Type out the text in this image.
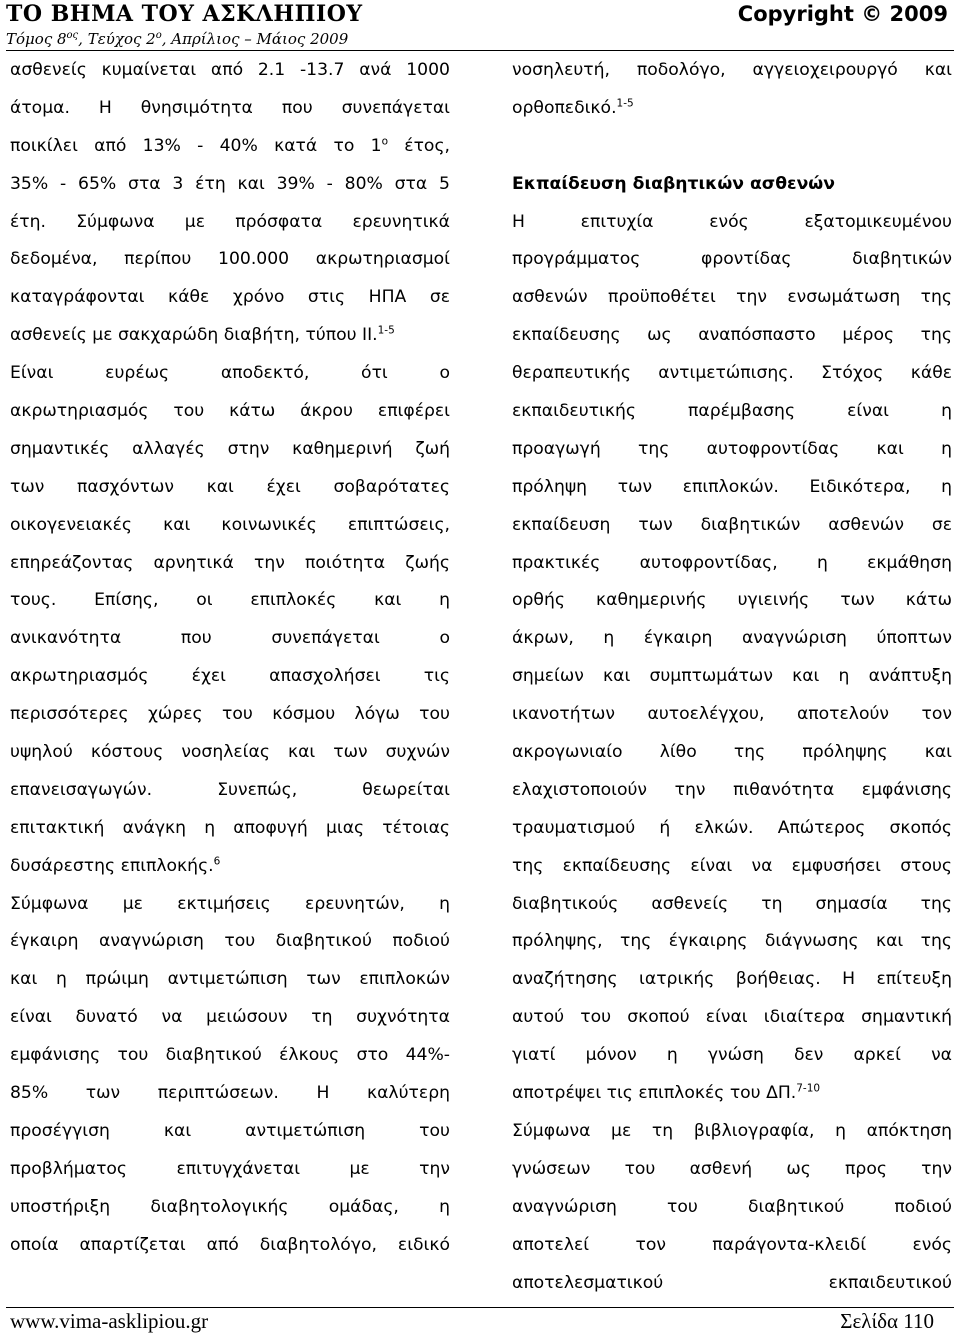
ΤΟ ΒΗΜΑ ΤΟΥ ΑΣΚΛΗΠΙΟΥ
Τόμος $8^{o\varsigma}$, Τεύχος $2^o$, Απρίλιος – Μάιος 2009
Copyright © 2009
ασθενείς κυμαίνεται από 2.1 -13.7 ανά 1000
άτομα. Η θνησιμότητα που συνεπάγεται
ποικίλει από 13% - 40% κατά το $1^o$ έτος,
35% - 65% στα 3 έτη και 39% - 80% στα 5
έτη. Σύμφωνα με πρόσφατα ερευνητικά
δεδομένα, περίπου 100.000 ακρωτηριασμοί
καταγράφονται κάθε χρόνο στις ΗΠΑ σε
ασθενείς με σακχαρώδη διαβήτη, τύπου ΙΙ.$^{1-5}$
Είναι ευρέως αποδεκτό, ότι ο
ακρωτηριασμός του κάτω άκρου επιφέρει
σημαντικές αλλαγές στην καθημερινή ζωή
των πασχόντων και έχει σοβαρότατες
οικογενειακές και κοινωνικές επιπτώσεις,
επηρεάζοντας αρνητικά την ποιότητα ζωής
τους. Επίσης, οι επιπλοκές και η
ανικανότητα που συνεπάγεται ο
ακρωτηριασμός έχει απασχολήσει τις
περισσότερες χώρες του κόσμου λόγω του
υψηλού κόστους νοσηλείας και των συχνών
επανεισαγωγών. Συνεπώς, θεωρείται
επιτακτική ανάγκη η αποφυγή μιας τέτοιας
δυσάρεστης επιπλοκής.$^6$
Σύμφωνα με εκτιμήσεις ερευνητών, η
έγκαιρη αναγνώριση του διαβητικού ποδιού
και η πρώιμη αντιμετώπιση των επιπλοκών
είναι δυνατό να μειώσουν τη συχνότητα
εμφάνισης του διαβητικού έλκους στο 44%-
85% των περιπτώσεων. Η καλύτερη
προσέγγιση και αντιμετώπιση του
προβλήματος επιτυγχάνεται με την
υποστήριξη διαβητολογικής ομάδας, η
οποία απαρτίζεται από διαβητολόγο, ειδικό
νοσηλευτή, ποδολόγο, αγγειοχειρουργό και
ορθοπεδικό.$^{1-5}$

Εκπαίδευση διαβητικών ασθενών
Η επιτυχία ενός εξατομικευμένου
προγράμματος φροντίδας διαβητικών
ασθενών προϋποθέτει την ενσωμάτωση της
εκπαίδευσης ως αναπόσπαστο μέρος της
θεραπευτικής αντιμετώπισης. Στόχος κάθε
εκπαιδευτικής παρέμβασης είναι η
προαγωγή της αυτοφροντίδας και η
πρόληψη των επιπλοκών. Ειδικότερα, η
εκπαίδευση των διαβητικών ασθενών σε
πρακτικές αυτοφροντίδας, η εκμάθηση
ορθής καθημερινής υγιεινής των κάτω
άκρων, η έγκαιρη αναγνώριση ύποπτων
σημείων και συμπτωμάτων και η ανάπτυξη
ικανοτήτων αυτοελέγχου, αποτελούν τον
ακρογωνιαίο λίθο της πρόληψης και
ελαχιστοποιούν την πιθανότητα εμφάνισης
τραυματισμού ή ελκών. Απώτερος σκοπός
της εκπαίδευσης είναι να εμφυσήσει στους
διαβητικούς ασθενείς τη σημασία της
πρόληψης, της έγκαιρης διάγνωσης και της
αναζήτησης ιατρικής βοήθειας. Η επίτευξη
αυτού του σκοπού είναι ιδιαίτερα σημαντική
γιατί μόνον η γνώση δεν αρκεί να
αποτρέψει τις επιπλοκές του ΔΠ.$^{7-10}$
Σύμφωνα με τη βιβλιογραφία, η απόκτηση
γνώσεων του ασθενή ως προς την
αναγνώριση του διαβητικού ποδιού
αποτελεί τον παράγοντα-κλειδί ενός
αποτελεσματικού εκπαιδευτικού
www.vima-asklipiou.gr	Σελίδα 110
